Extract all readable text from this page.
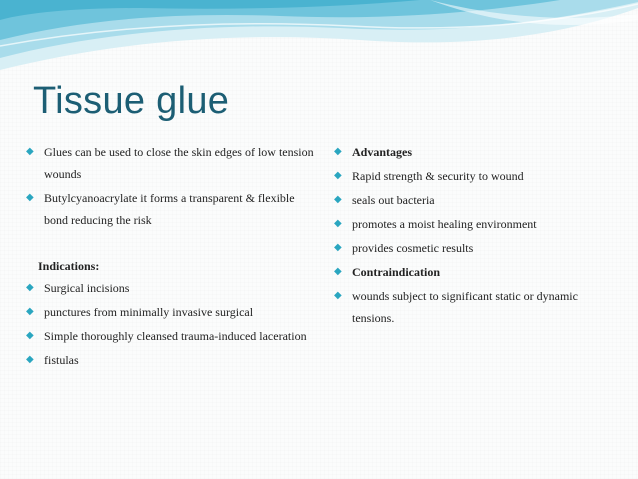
Tissue glue
◆ Glues can be used to close the skin edges of low tension wounds
◆ Butylcyanoacrylate it forms a transparent & flexible bond reducing the risk
Indications:
◆ Surgical incisions
◆ punctures from minimally invasive surgical
◆ Simple thoroughly cleansed trauma-induced laceration
◆ fistulas
◆ Advantages
◆ Rapid strength & security to wound
◆ seals out bacteria
◆ promotes a moist healing environment
◆ provides cosmetic results
◆ Contraindication
◆ wounds subject to significant static or dynamic tensions.
